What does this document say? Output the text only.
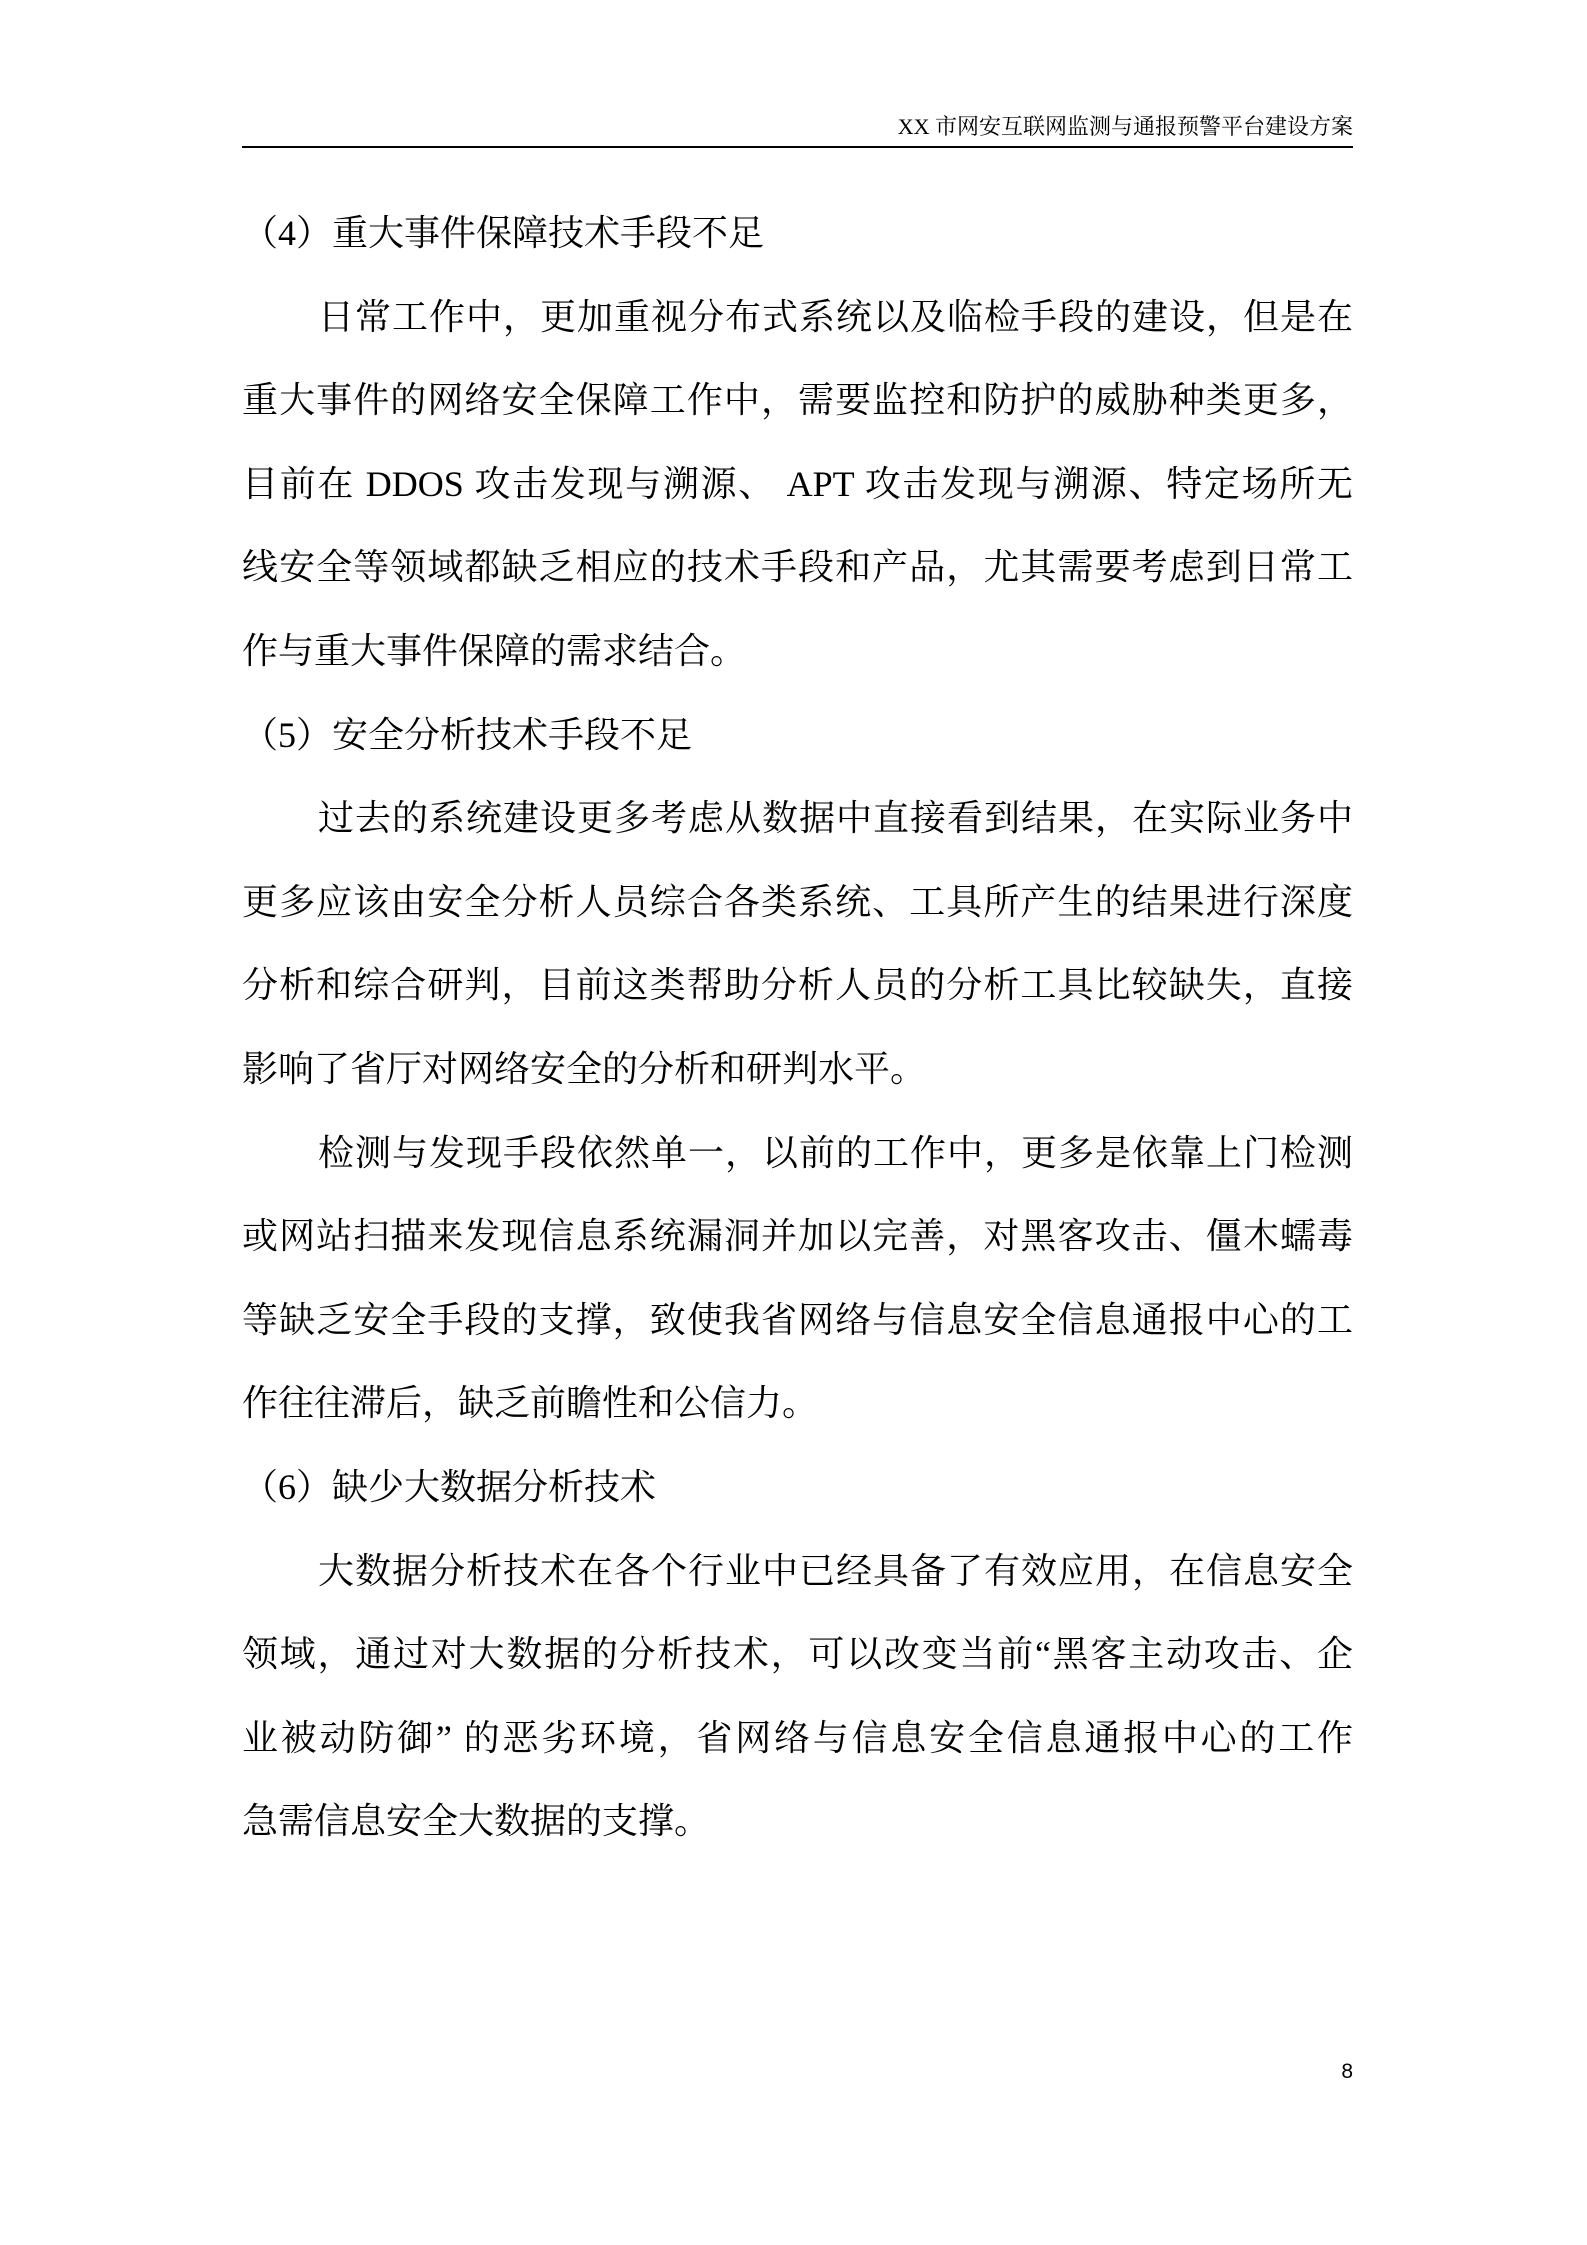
XX 市网安互联网监测与通报预警平台建设方案
（4）重大事件保障技术手段不足
日常工作中，更加重视分布式系统以及临检手段的建设，但是在
重大事件的网络安全保障工作中，需要监控和防护的威胁种类更多，
目前在 DDOS 攻击发现与溯源、 APT 攻击发现与溯源、特定场所无
线安全等领域都缺乏相应的技术手段和产品，尤其需要考虑到日常工
作与重大事件保障的需求结合。
（5）安全分析技术手段不足
过去的系统建设更多考虑从数据中直接看到结果，在实际业务中
更多应该由安全分析人员综合各类系统、工具所产生的结果进行深度
分析和综合研判，目前这类帮助分析人员的分析工具比较缺失，直接
影响了省厅对网络安全的分析和研判水平。
检测与发现手段依然单一，以前的工作中，更多是依靠上门检测
或网站扫描来发现信息系统漏洞并加以完善，对黑客攻击、僵木蠕毒
等缺乏安全手段的支撑，致使我省网络与信息安全信息通报中心的工
作往往滞后，缺乏前瞻性和公信力。
（6）缺少大数据分析技术
大数据分析技术在各个行业中已经具备了有效应用，在信息安全
领域，通过对大数据的分析技术，可以改变当前“黑客主动攻击、企
业被动防御” 的恶劣环境，省网络与信息安全信息通报中心的工作
急需信息安全大数据的支撑。
8
